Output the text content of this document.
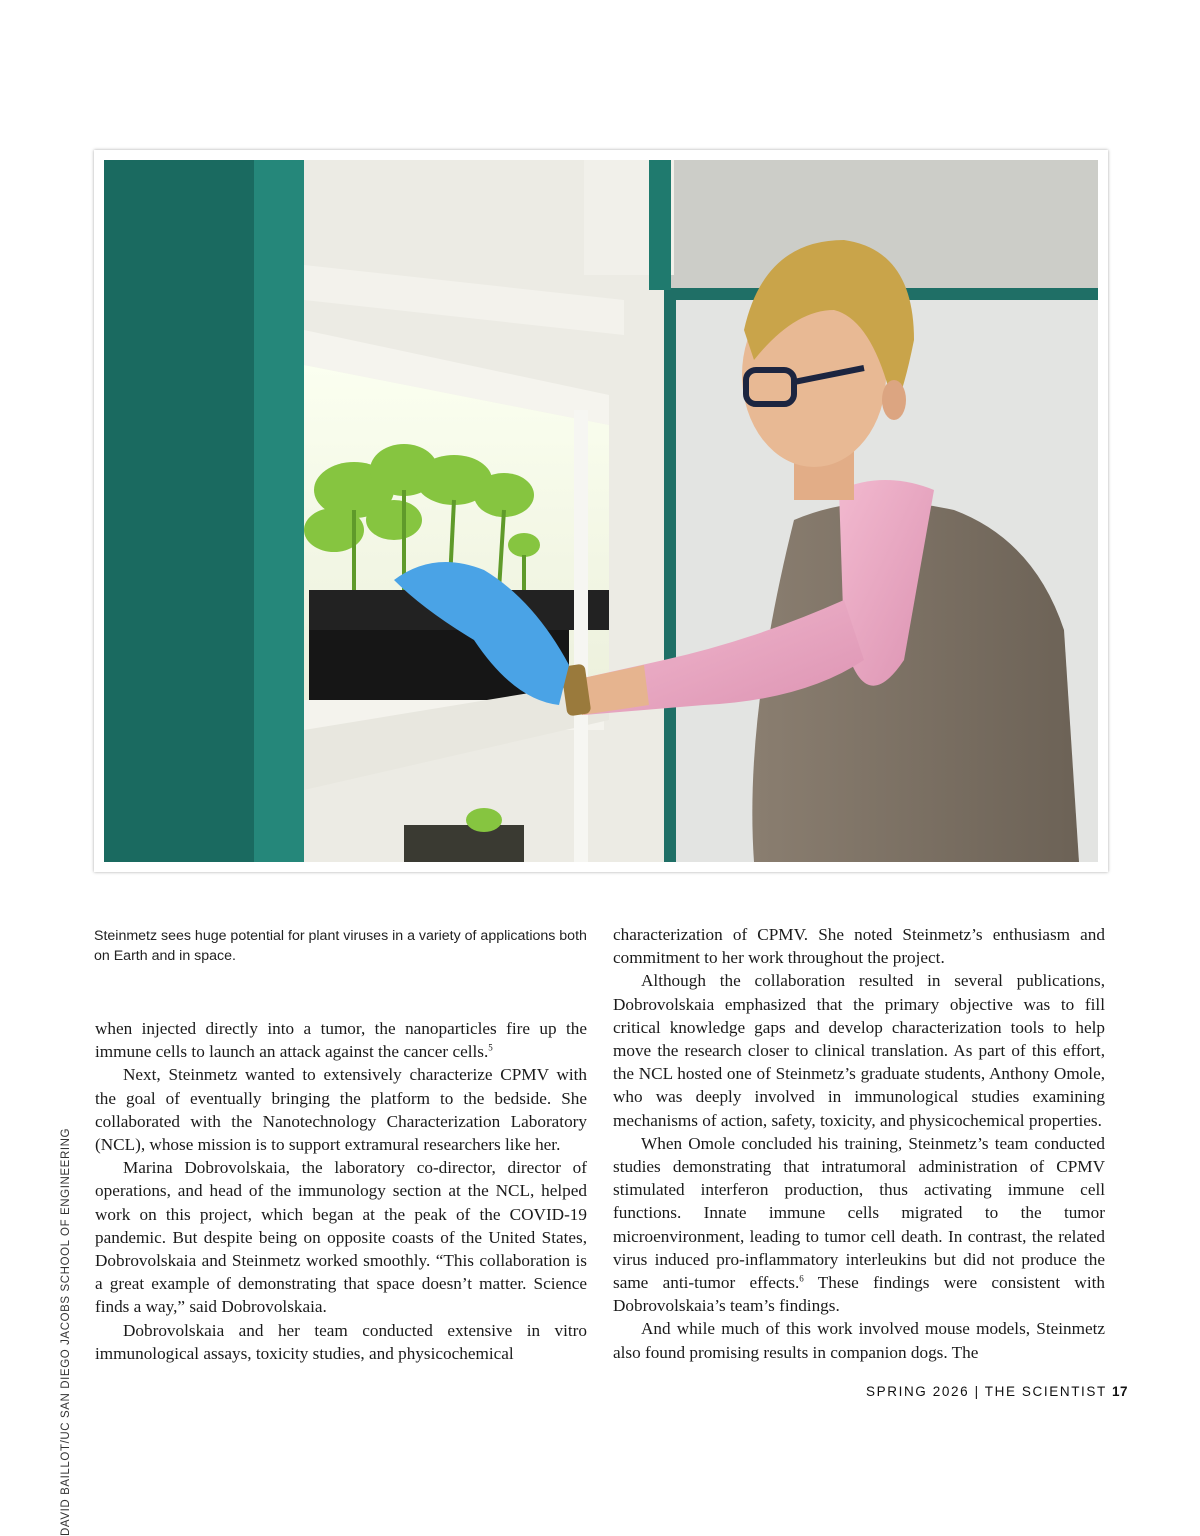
DAVID BAILLOT/UC SAN DIEGO JACOBS SCHOOL OF ENGINEERING
Steinmetz sees huge potential for plant viruses in a variety of applications both on Earth and in space.

when injected directly into a tumor, the nanoparticles fire up the immune cells to launch an attack against the cancer cells.$^5$

Next, Steinmetz wanted to extensively characterize CPMV with the goal of eventually bringing the platform to the bedside. She collaborated with the Nanotechnology Characterization Laboratory (NCL), whose mission is to support extramural researchers like her.

Marina Dobrovolskaia, the laboratory co-director, director of operations, and head of the immunology section at the NCL, helped work on this project, which began at the peak of the COVID-19 pandemic. But despite being on opposite coasts of the United States, Dobrovolskaia and Steinmetz worked smoothly. “This collaboration is a great example of demonstrating that space doesn’t matter. Science finds a way,” said Dobrovolskaia.

Dobrovolskaia and her team conducted extensive in vitro immunological assays, toxicity studies, and physicochemical

characterization of CPMV. She noted Steinmetz’s enthusiasm and commitment to her work throughout the project.

Although the collaboration resulted in several publications, Dobrovolskaia emphasized that the primary objective was to fill critical knowledge gaps and develop characterization tools to help move the research closer to clinical translation. As part of this effort, the NCL hosted one of Steinmetz’s graduate students, Anthony Omole, who was deeply involved in immunological studies examining mechanisms of action, safety, toxicity, and physicochemical properties.

When Omole concluded his training, Steinmetz’s team conducted studies demonstrating that intratumoral administration of CPMV stimulated interferon production, thus activating immune cell functions. Innate immune cells migrated to the tumor microenvironment, leading to tumor cell death. In contrast, the related virus induced pro-inflammatory interleukins but did not produce the same anti-tumor effects.$^6$ These findings were consistent with Dobrovolskaia’s team’s findings.

And while much of this work involved mouse models, Steinmetz also found promising results in companion dogs. The

SPRING 2026 | THE SCIENTIST 17
